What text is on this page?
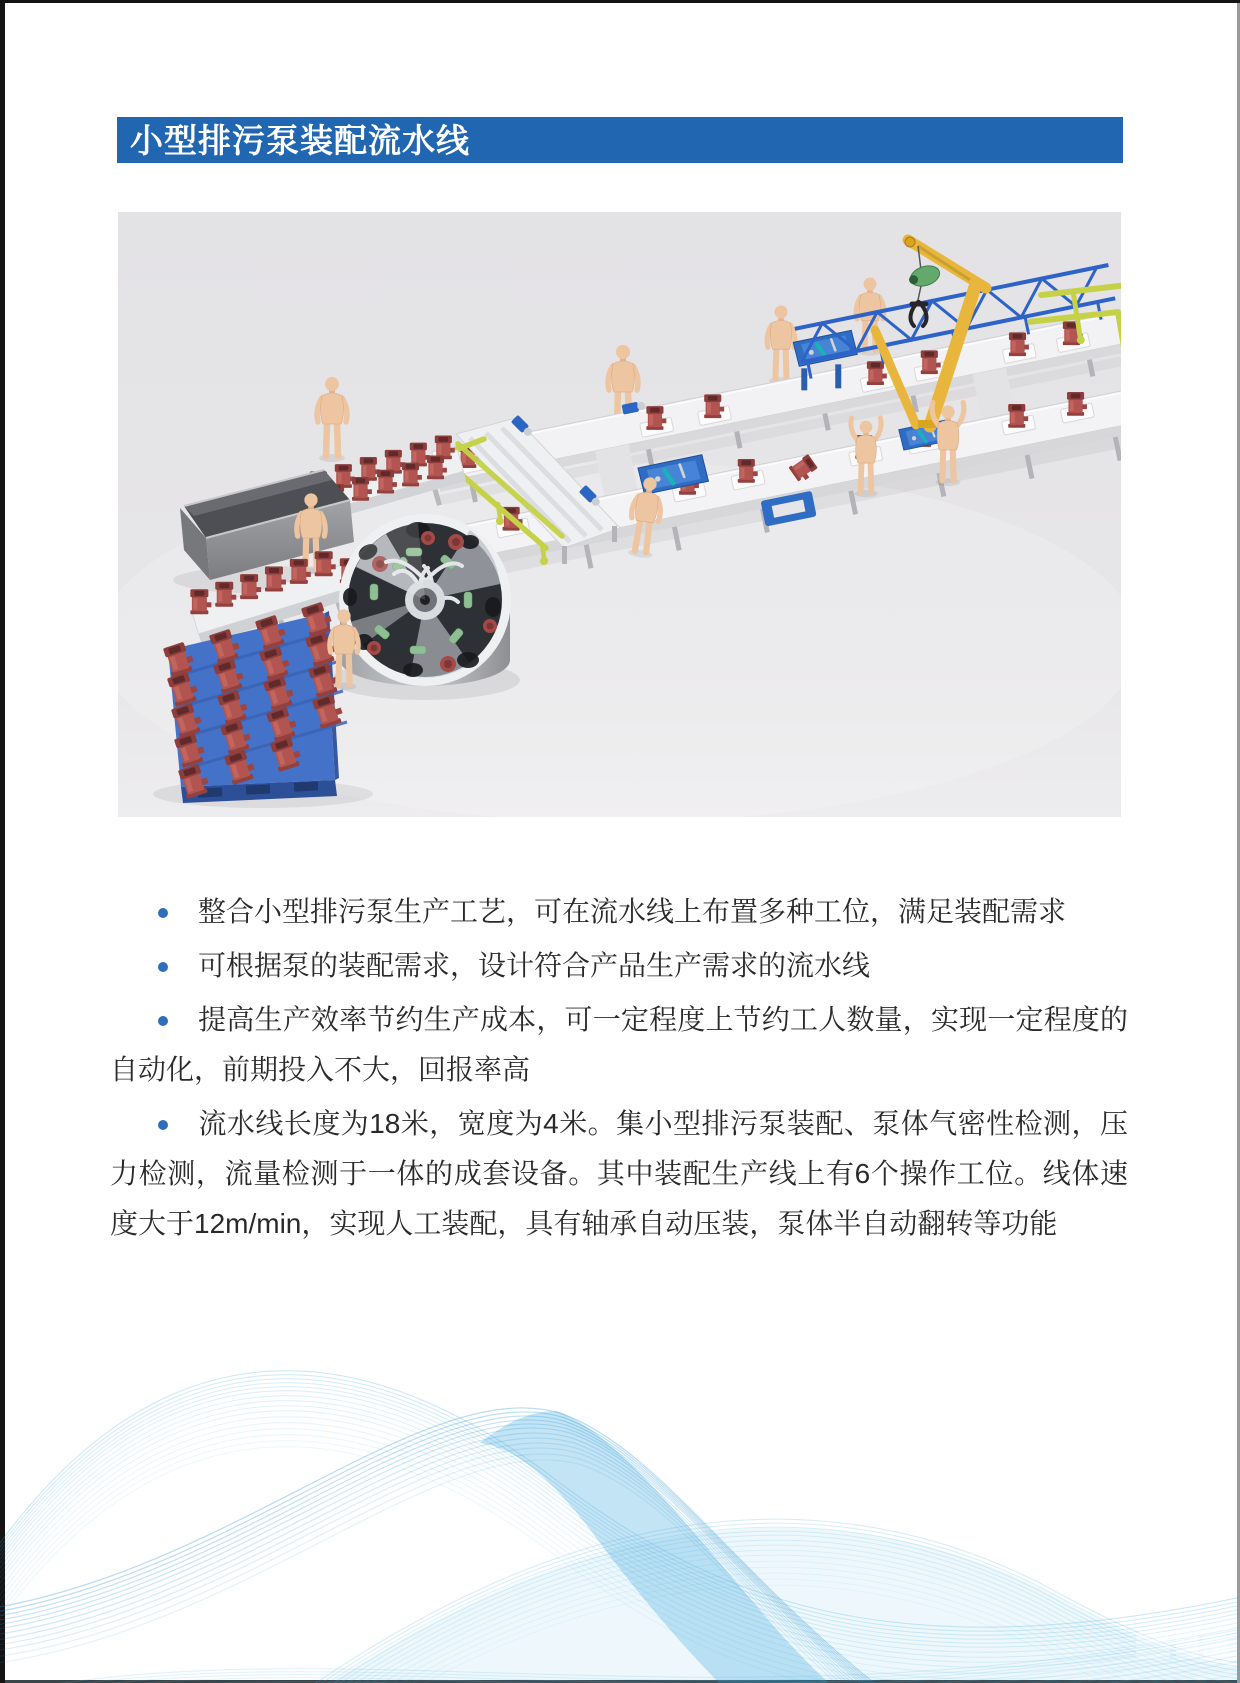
小型排污泵装配流水线

整合小型排污泵生产工艺，可在流水线上布置多种工位，满足装配需求

可根据泵的装配需求，设计符合产品生产需求的流水线

提高生产效率节约生产成本，可一定程度上节约工人数量，实现一定程度的自动化，前期投入不大，回报率高

流水线长度为18米，宽度为4米。集小型排污泵装配、泵体气密性检测，压力检测，流量检测于一体的成套设备。其中装配生产线上有6个操作工位。线体速度大于12m/min，实现人工装配，具有轴承自动压装，泵体半自动翻转等功能
